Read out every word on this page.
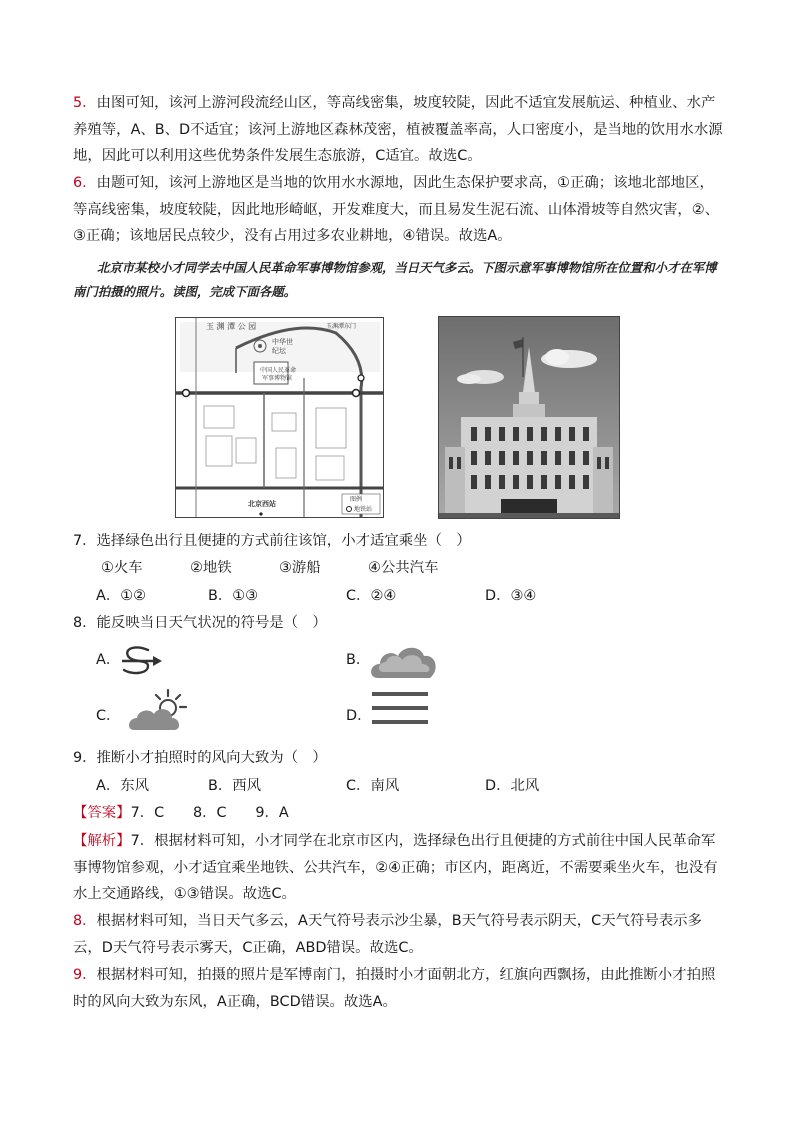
5．由图可知，该河上游河段流经山区，等高线密集，坡度较陡，因此不适宜发展航运、种植业、水产养殖等，A、B、D不适宜；该河上游地区森林茂密，植被覆盖率高，人口密度小，是当地的饮用水水源地，因此可以利用这些优势条件发展生态旅游，C适宜。故选C。

6．由题可知，该河上游地区是当地的饮用水水源地，因此生态保护要求高，①正确；该地北部地区，等高线密集，坡度较陡，因此地形崎岖，开发难度大，而且易发生泥石流、山体滑坡等自然灾害，②、③正确；该地居民点较少，没有占用过多农业耕地，④错误。故选A。

北京市某校小才同学去中国人民革命军事博物馆参观，当日天气多云。下图示意军事博物馆所在位置和小才在军博南门拍摄的照片。读图，完成下面各题。

玉 渊 潭 公 园	玉渊潭东门
中华世
纪坛
中国人民革命
军事博物馆
北京西站
图例
地铁站
7．选择绿色出行且便捷的方式前往该馆，小才适宜乘坐（　）
①火车	②地铁	③游船	④公共汽车
A．①②	B．①③	C．②④	D．③④
8．能反映当日天气状况的符号是（　）
A．	B．
C．	D．
9．推断小才拍照时的风向大致为（　）
A．东风	B．西风	C．南风	D．北风
【答案】7．C　　8．C　　9．A

【解析】7．根据材料可知，小才同学在北京市区内，选择绿色出行且便捷的方式前往中国人民革命军事博物馆参观，小才适宜乘坐地铁、公共汽车，②④正确；市区内，距离近，不需要乘坐火车，也没有水上交通路线，①③错误。故选C。

8．根据材料可知，当日天气多云，A天气符号表示沙尘暴，B天气符号表示阴天，C天气符号表示多云，D天气符号表示雾天，C正确，ABD错误。故选C。

9．根据材料可知，拍摄的照片是军博南门，拍摄时小才面朝北方，红旗向西飘扬，由此推断小才拍照时的风向大致为东风，A正确，BCD错误。故选A。
